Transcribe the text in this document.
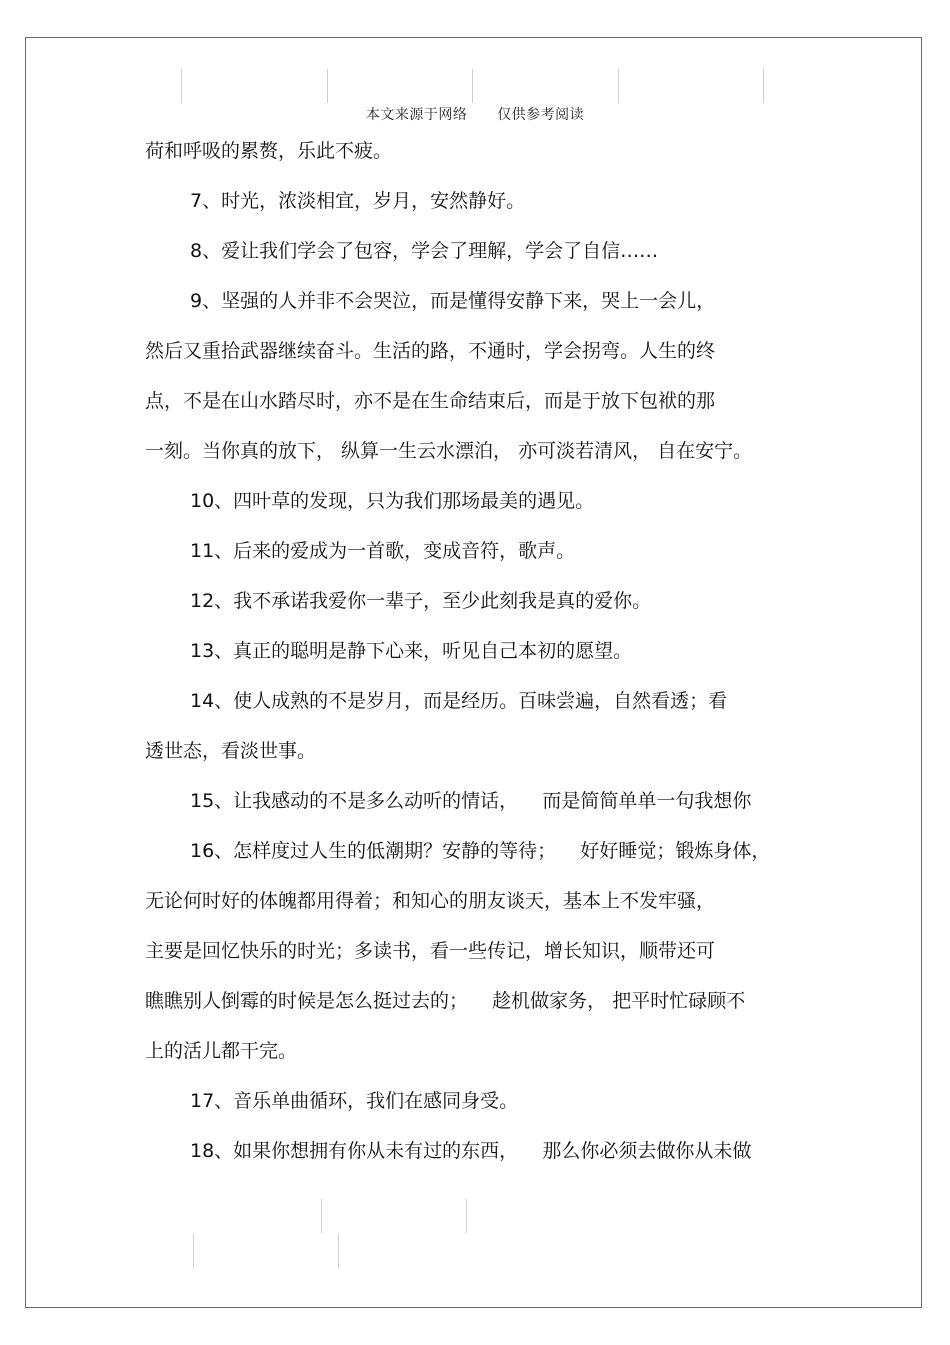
本文来源于网络      仅供参考阅读
荷和呼吸的累赘，乐此不疲。
7、时光，浓淡相宜，岁月，安然静好。
8、爱让我们学会了包容，学会了理解，学会了自信……
9、坚强的人并非不会哭泣，而是懂得安静下来，哭上一会儿，
然后又重拾武器继续奋斗。生活的路，不通时，学会拐弯。人生的终
点，不是在山水踏尽时，亦不是在生命结束后，而是于放下包袱的那
一刻。当你真的放下， 纵算一生云水漂泊， 亦可淡若清风， 自在安宁。
10、四叶草的发现，只为我们那场最美的遇见。
11、后来的爱成为一首歌，变成音符，歌声。
12、我不承诺我爱你一辈子，至少此刻我是真的爱你。
13、真正的聪明是静下心来，听见自己本初的愿望。
14、使人成熟的不是岁月，而是经历。百味尝遍，自然看透；看
透世态，看淡世事。
15、让我感动的不是多么动听的情话，    而是简简单单一句我想你
16、怎样度过人生的低潮期？安静的等待；    好好睡觉；锻炼身体，
无论何时好的体魄都用得着；和知心的朋友谈天，基本上不发牢骚，
主要是回忆快乐的时光；多读书，看一些传记，增长知识，顺带还可
瞧瞧别人倒霉的时候是怎么挺过去的；    趁机做家务， 把平时忙碌顾不
上的活儿都干完。
17、音乐单曲循环，我们在感同身受。
18、如果你想拥有你从未有过的东西，    那么你必须去做你从未做
